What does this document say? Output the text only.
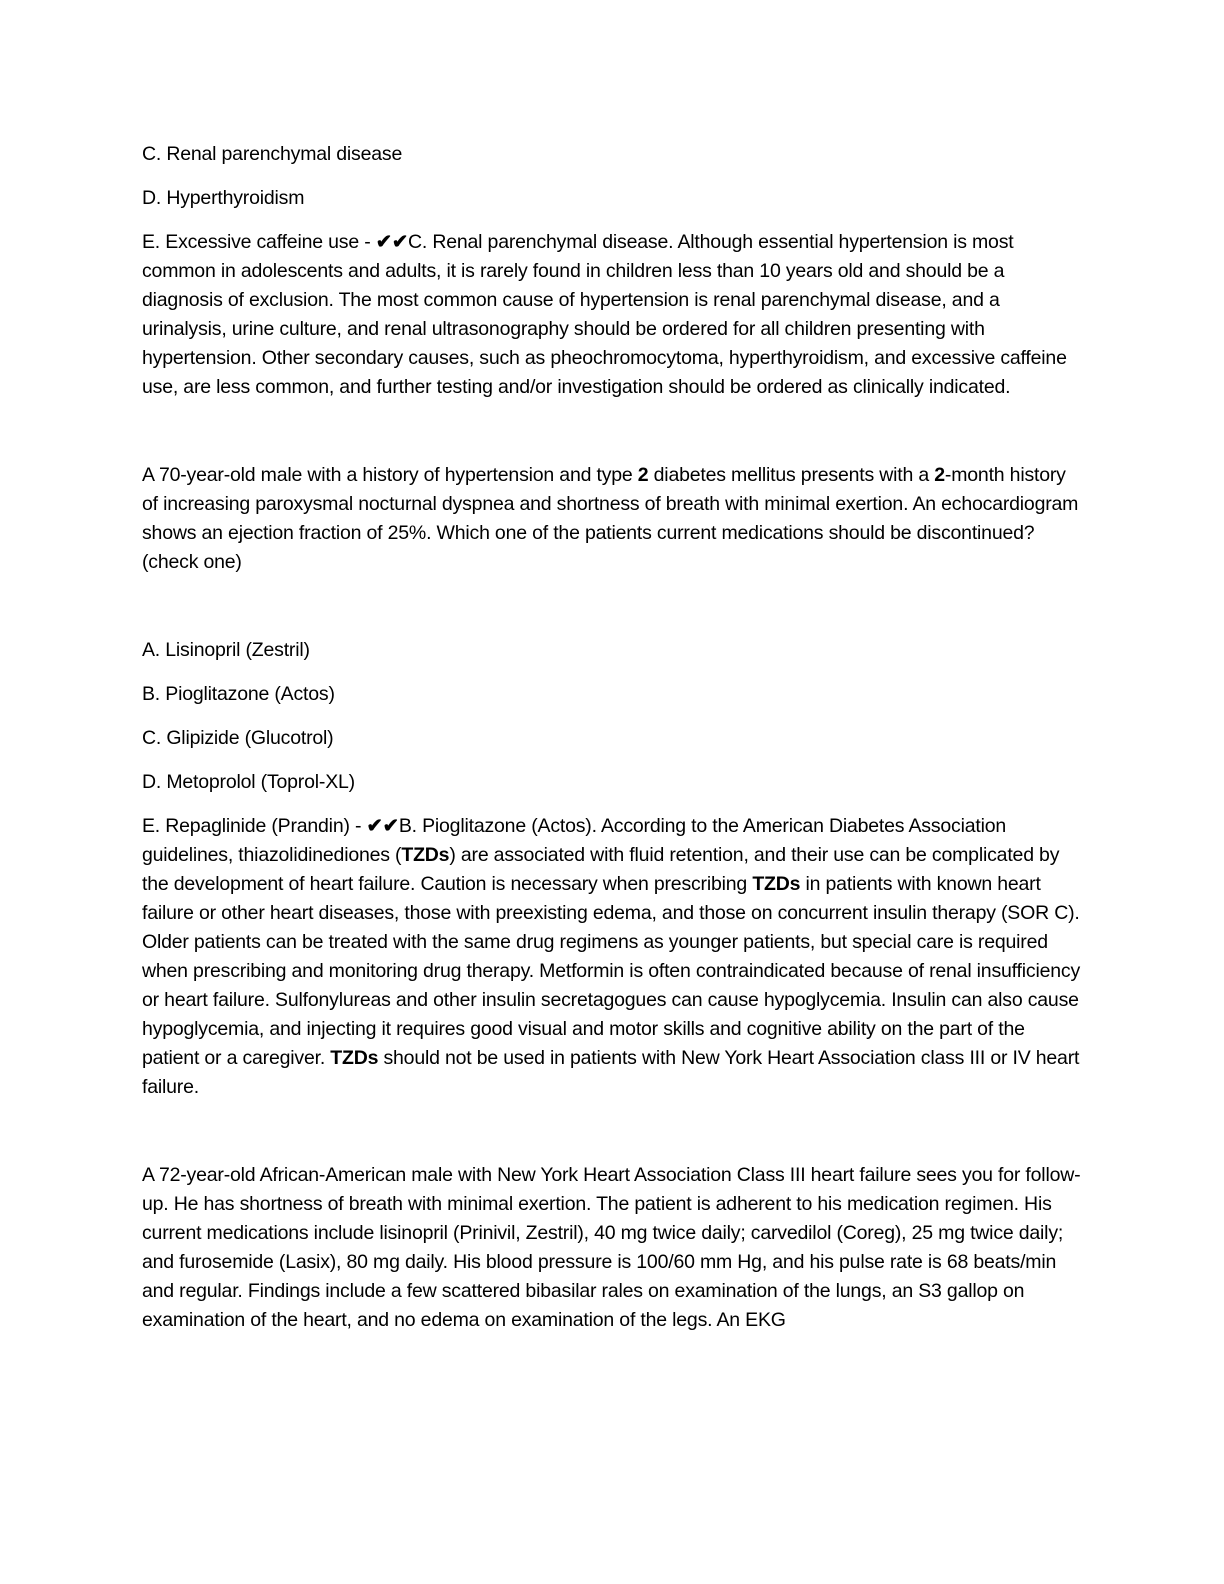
C. Renal parenchymal disease
D. Hyperthyroidism
E. Excessive caffeine use - ✔✔C. Renal parenchymal disease. Although essential hypertension is most common in adolescents and adults, it is rarely found in children less than 10 years old and should be a diagnosis of exclusion. The most common cause of hypertension is renal parenchymal disease, and a urinalysis, urine culture, and renal ultrasonography should be ordered for all children presenting with hypertension. Other secondary causes, such as pheochromocytoma, hyperthyroidism, and excessive caffeine use, are less common, and further testing and/or investigation should be ordered as clinically indicated.
A 70-year-old male with a history of hypertension and type 2 diabetes mellitus presents with a 2-month history of increasing paroxysmal nocturnal dyspnea and shortness of breath with minimal exertion. An echocardiogram shows an ejection fraction of 25%. Which one of the patients current medications should be discontinued? (check one)
A. Lisinopril (Zestril)
B. Pioglitazone (Actos)
C. Glipizide (Glucotrol)
D. Metoprolol (Toprol-XL)
E. Repaglinide (Prandin) - ✔✔B. Pioglitazone (Actos). According to the American Diabetes Association guidelines, thiazolidinediones (TZDs) are associated with fluid retention, and their use can be complicated by the development of heart failure. Caution is necessary when prescribing TZDs in patients with known heart failure or other heart diseases, those with preexisting edema, and those on concurrent insulin therapy (SOR C). Older patients can be treated with the same drug regimens as younger patients, but special care is required when prescribing and monitoring drug therapy. Metformin is often contraindicated because of renal insufficiency or heart failure. Sulfonylureas and other insulin secretagogues can cause hypoglycemia. Insulin can also cause hypoglycemia, and injecting it requires good visual and motor skills and cognitive ability on the part of the patient or a caregiver. TZDs should not be used in patients with New York Heart Association class III or IV heart failure.
A 72-year-old African-American male with New York Heart Association Class III heart failure sees you for follow-up. He has shortness of breath with minimal exertion. The patient is adherent to his medication regimen. His current medications include lisinopril (Prinivil, Zestril), 40 mg twice daily; carvedilol (Coreg), 25 mg twice daily; and furosemide (Lasix), 80 mg daily. His blood pressure is 100/60 mm Hg, and his pulse rate is 68 beats/min and regular. Findings include a few scattered bibasilar rales on examination of the lungs, an S3 gallop on examination of the heart, and no edema on examination of the legs. An EKG
